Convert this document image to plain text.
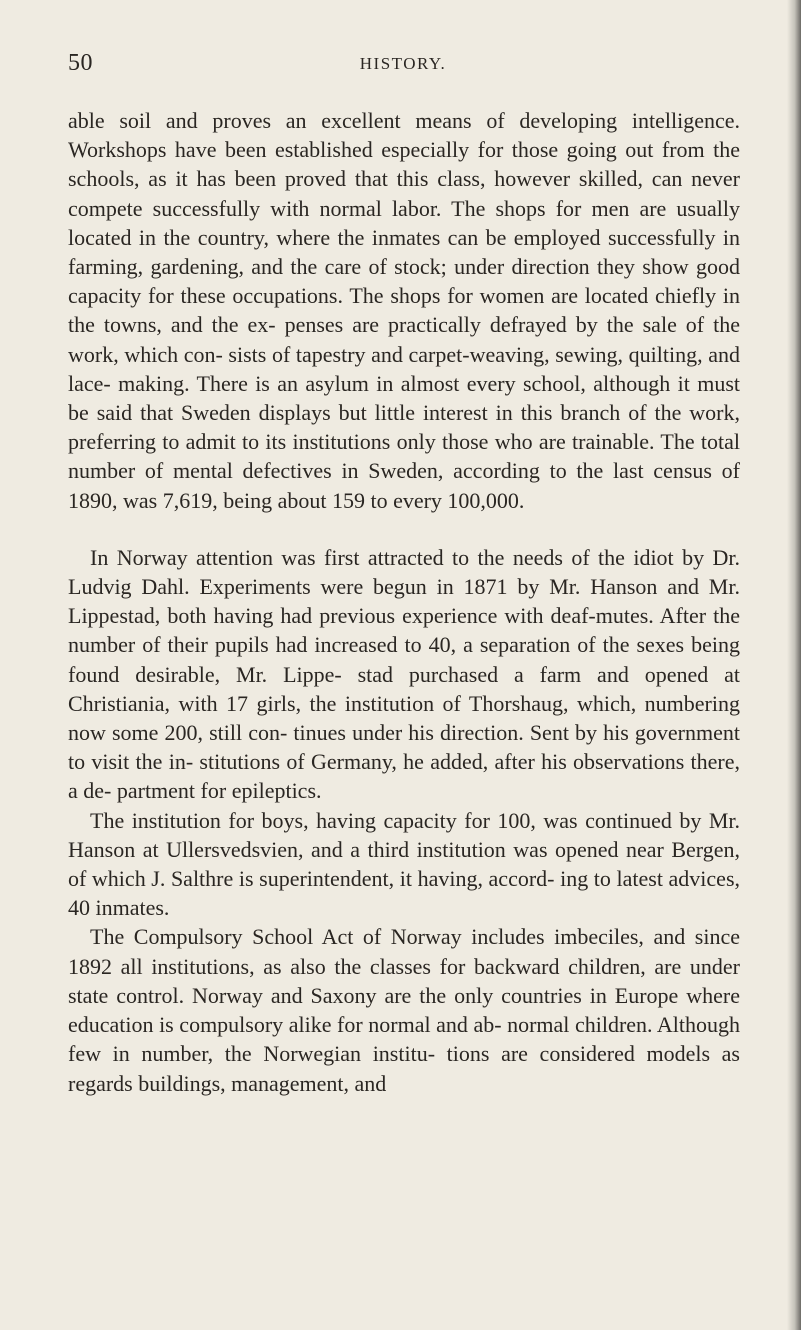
50	HISTORY.

able soil and proves an excellent means of developing intelligence. Workshops have been established especially for those going out from the schools, as it has been proved that this class, however skilled, can never compete successfully with normal labor. The shops for men are usually located in the country, where the inmates can be employed successfully in farming, gardening, and the care of stock; under direction they show good capacity for these occupations. The shops for women are located chiefly in the towns, and the ex- penses are practically defrayed by the sale of the work, which con- sists of tapestry and carpet-weaving, sewing, quilting, and lace- making. There is an asylum in almost every school, although it must be said that Sweden displays but little interest in this branch of the work, preferring to admit to its institutions only those who are trainable. The total number of mental defectives in Sweden, according to the last census of 1890, was 7,619, being about 159 to every 100,000.

In Norway attention was first attracted to the needs of the idiot by Dr. Ludvig Dahl. Experiments were begun in 1871 by Mr. Hanson and Mr. Lippestad, both having had previous experience with deaf-mutes. After the number of their pupils had increased to 40, a separation of the sexes being found desirable, Mr. Lippe- stad purchased a farm and opened at Christiania, with 17 girls, the institution of Thorshaug, which, numbering now some 200, still con- tinues under his direction. Sent by his government to visit the in- stitutions of Germany, he added, after his observations there, a de- partment for epileptics.

The institution for boys, having capacity for 100, was continued by Mr. Hanson at Ullersvedsvien, and a third institution was opened near Bergen, of which J. Salthre is superintendent, it having, accord- ing to latest advices, 40 inmates.

The Compulsory School Act of Norway includes imbeciles, and since 1892 all institutions, as also the classes for backward children, are under state control. Norway and Saxony are the only countries in Europe where education is compulsory alike for normal and ab- normal children. Although few in number, the Norwegian institu- tions are considered models as regards buildings, management, and
